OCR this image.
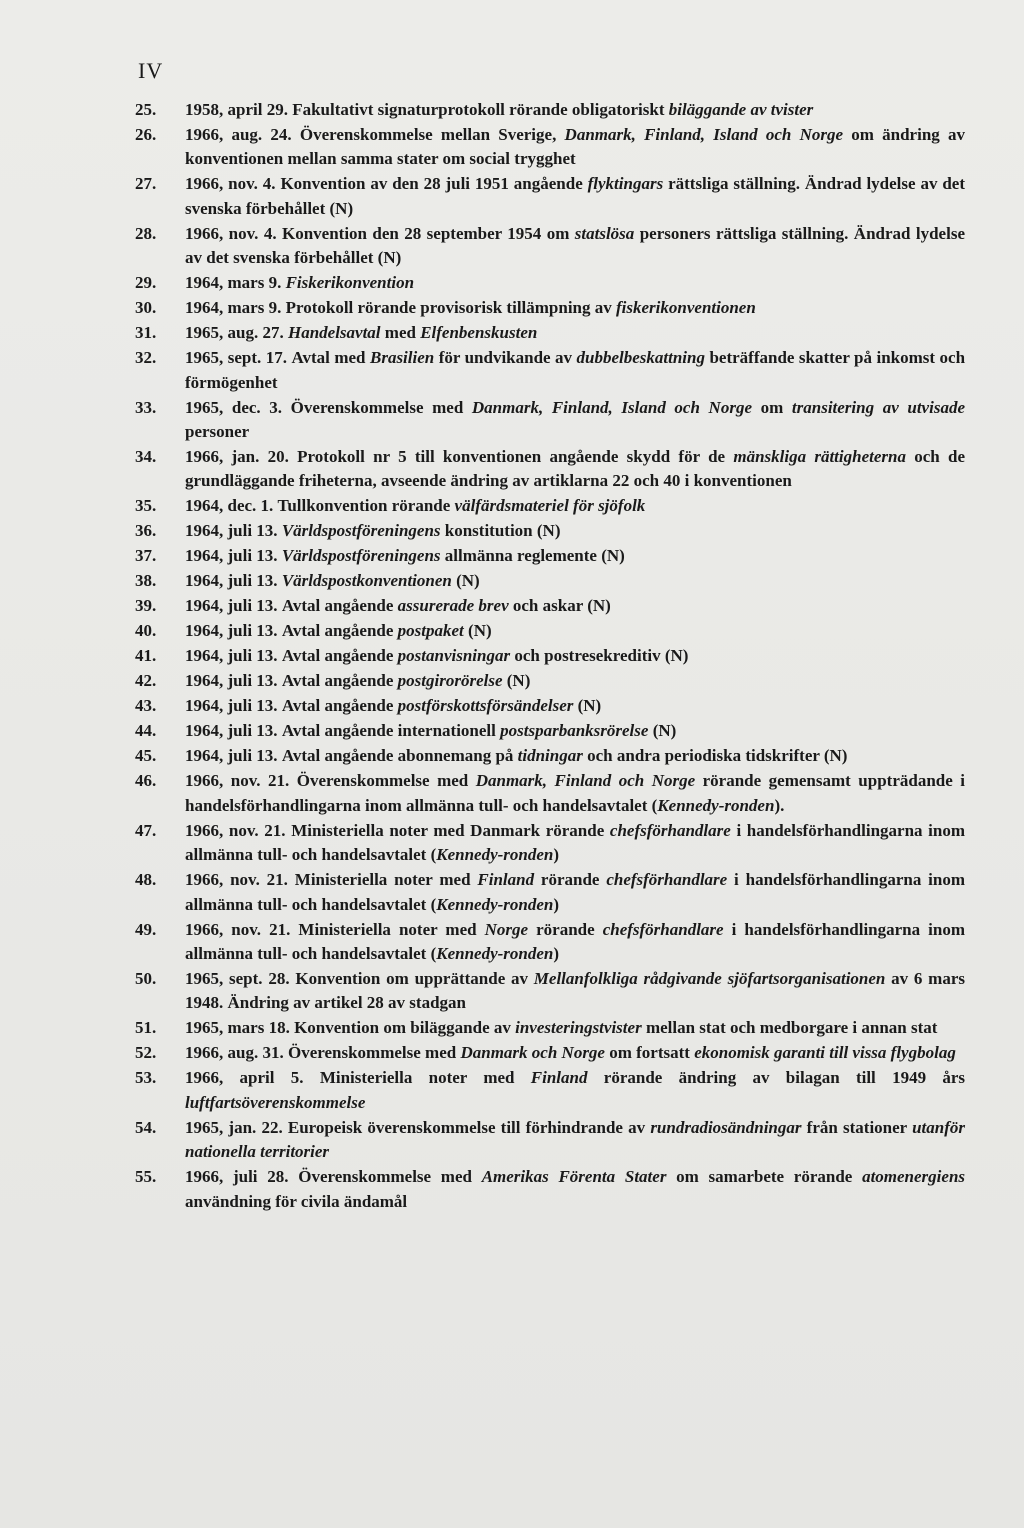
IV
25.	1958, april 29. Fakultativt signaturprotokoll rörande obligatoriskt biläggande av tvister
26.	1966, aug. 24. Överenskommelse mellan Sverige, Danmark, Finland, Island och Norge om ändring av konventionen mellan samma stater om social trygghet
27.	1966, nov. 4. Konvention av den 28 juli 1951 angående flyktingars rättsliga ställning. Ändrad lydelse av det svenska förbehållet (N)
28.	1966, nov. 4. Konvention den 28 september 1954 om statslösa personers rättsliga ställning. Ändrad lydelse av det svenska förbehållet (N)
29.	1964, mars 9. Fiskerikonvention
30.	1964, mars 9. Protokoll rörande provisorisk tillämpning av fiskerikonventionen
31.	1965, aug. 27. Handelsavtal med Elfenbenskusten
32.	1965, sept. 17. Avtal med Brasilien för undvikande av dubbelbeskattning beträffande skatter på inkomst och förmögenhet
33.	1965, dec. 3. Överenskommelse med Danmark, Finland, Island och Norge om transitering av utvisade personer
34.	1966, jan. 20. Protokoll nr 5 till konventionen angående skydd för de mänskliga rättigheterna och de grundläggande friheterna, avseende ändring av artiklarna 22 och 40 i konventionen
35.	1964, dec. 1. Tullkonvention rörande välfärdsmateriel för sjöfolk
36.	1964, juli 13. Världspostföreningens konstitution (N)
37.	1964, juli 13. Världspostföreningens allmänna reglemente (N)
38.	1964, juli 13. Världspostkonventionen (N)
39.	1964, juli 13. Avtal angående assurerade brev och askar (N)
40.	1964, juli 13. Avtal angående postpaket (N)
41.	1964, juli 13. Avtal angående postanvisningar och postresekreditiv (N)
42.	1964, juli 13. Avtal angående postgirorörelse (N)
43.	1964, juli 13. Avtal angående postförskottsförsändelser (N)
44.	1964, juli 13. Avtal angående internationell postsparbanksrörelse (N)
45.	1964, juli 13. Avtal angående abonnemang på tidningar och andra periodiska tidskrifter (N)
46.	1966, nov. 21. Överenskommelse med Danmark, Finland och Norge rörande gemensamt uppträdande i handelsförhandlingarna inom allmänna tull- och handelsavtalet (Kennedy-ronden).
47.	1966, nov. 21. Ministeriella noter med Danmark rörande chefsförhandlare i handelsförhandlingarna inom allmänna tull- och handelsavtalet (Kennedy-ronden)
48.	1966, nov. 21. Ministeriella noter med Finland rörande chefsförhandlare i handelsförhandlingarna inom allmänna tull- och handelsavtalet (Kennedy-ronden)
49.	1966, nov. 21. Ministeriella noter med Norge rörande chefsförhandlare i handelsförhandlingarna inom allmänna tull- och handelsavtalet (Kennedy-ronden)
50.	1965, sept. 28. Konvention om upprättande av Mellanfolkliga rådgivande sjöfartsorganisationen av 6 mars 1948. Ändring av artikel 28 av stadgan
51.	1965, mars 18. Konvention om biläggande av investeringstvister mellan stat och medborgare i annan stat
52.	1966, aug. 31. Överenskommelse med Danmark och Norge om fortsatt ekonomisk garanti till vissa flygbolag
53.	1966, april 5. Ministeriella noter med Finland rörande ändring av bilagan till 1949 års luftfartsöverenskommelse
54.	1965, jan. 22. Europeisk överenskommelse till förhindrande av rundradiosändningar från stationer utanför nationella territorier
55.	1966, juli 28. Överenskommelse med Amerikas Förenta Stater om samarbete rörande atomenergiens användning för civila ändamål
